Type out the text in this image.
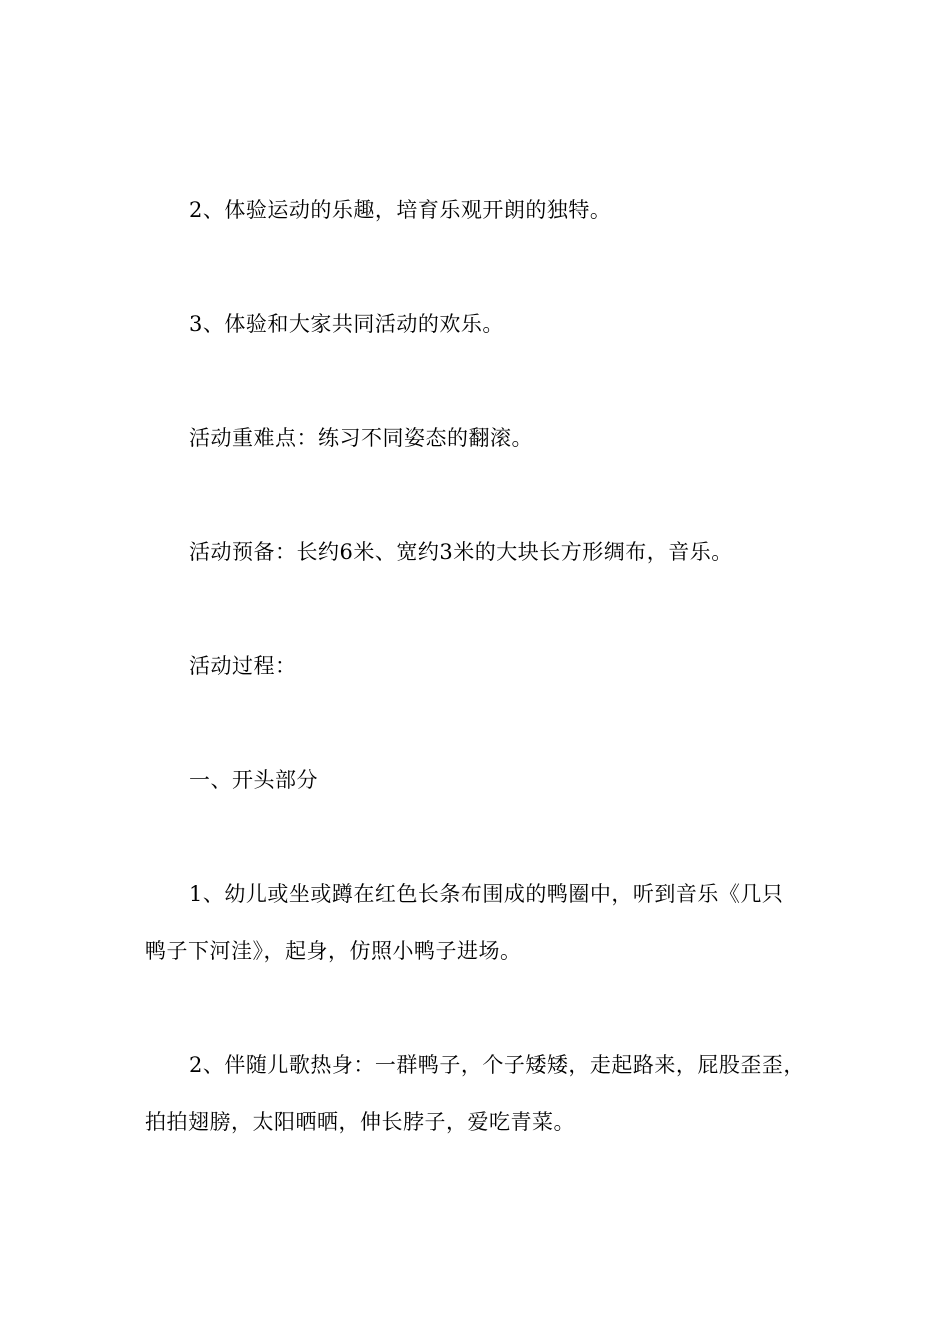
2、体验运动的乐趣，培育乐观开朗的独特。
3、体验和大家共同活动的欢乐。
活动重难点：练习不同姿态的翻滚。
活动预备：长约6米、宽约3米的大块长方形绸布，音乐。
活动过程：
一、开头部分
1、幼儿或坐或蹲在红色长条布围成的鸭圈中，听到音乐《几只
鸭子下河洼》，起身，仿照小鸭子进场。
2、伴随儿歌热身：一群鸭子，个子矮矮，走起路来，屁股歪歪，
拍拍翅膀，太阳晒晒，伸长脖子，爱吃青菜。
